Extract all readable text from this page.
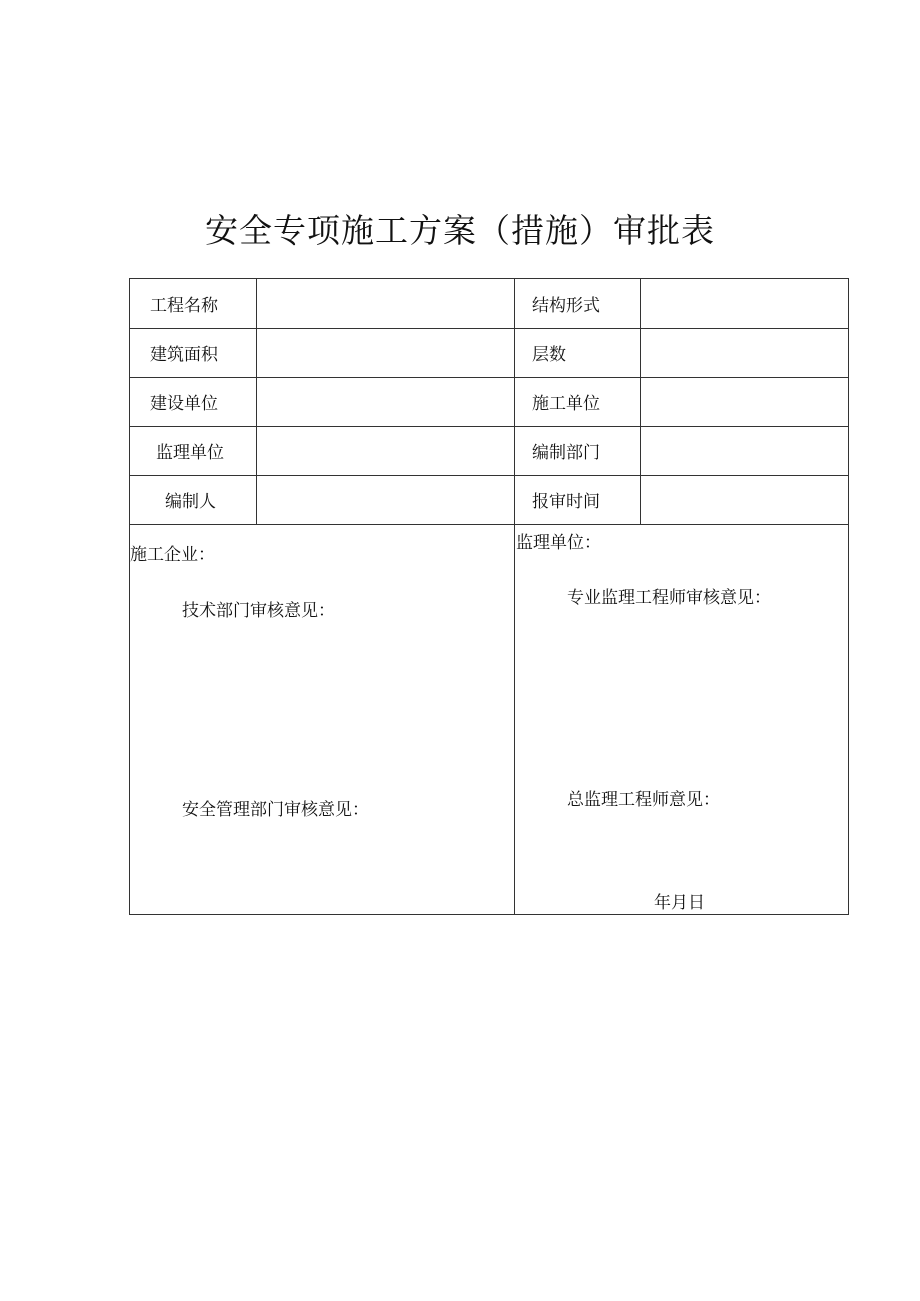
安全专项施工方案（措施）审批表
工程名称	结构形式
建筑面积	层数
建设单位	施工单位
监理单位	编制部门
编制人	报审时间
施工企业：
技术部门审核意见：
安全管理部门审核意见：
监理单位：
专业监理工程师审核意见：
总监理工程师意见：
年月日
